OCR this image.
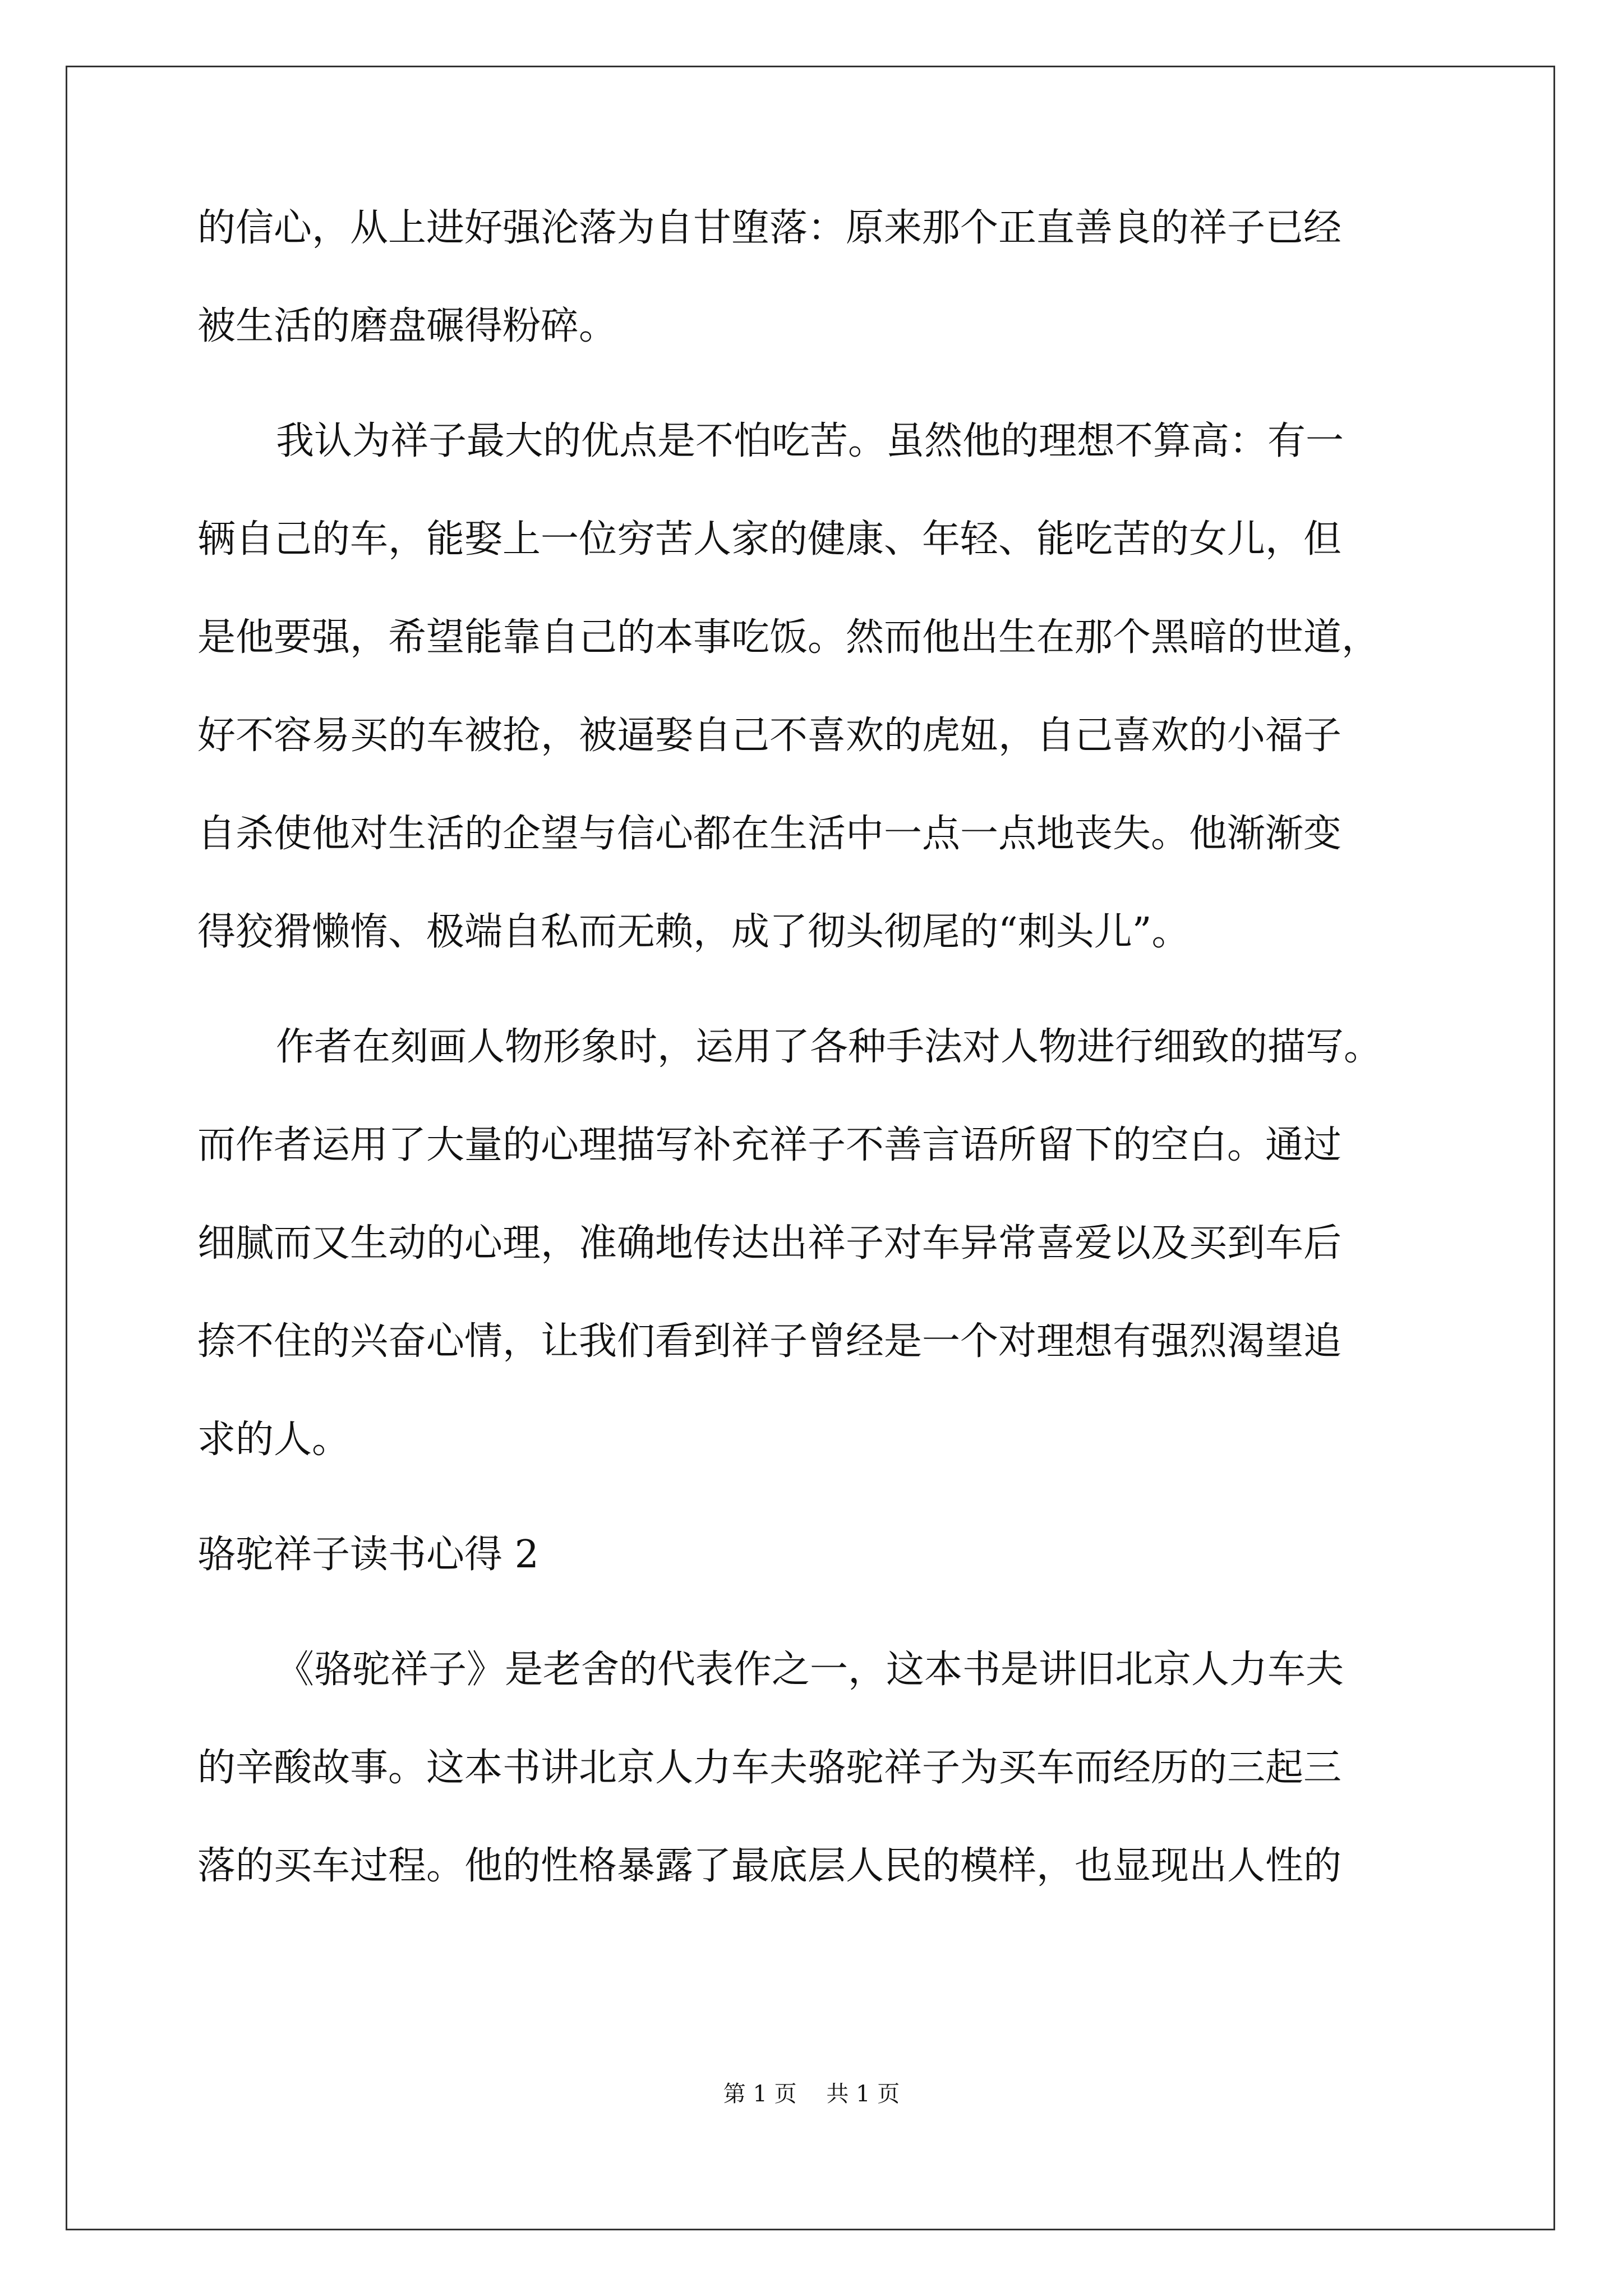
的信心，从上进好强沦落为自甘堕落：原来那个正直善良的祥子已经
被生活的磨盘碾得粉碎。
我认为祥子最大的优点是不怕吃苦。虽然他的理想不算高：有一
辆自己的车，能娶上一位穷苦人家的健康、年轻、能吃苦的女儿，但
是他要强，希望能靠自己的本事吃饭。然而他出生在那个黑暗的世道，
好不容易买的车被抢，被逼娶自己不喜欢的虎妞，自己喜欢的小福子
自杀使他对生活的企望与信心都在生活中一点一点地丧失。他渐渐变
得狡猾懒惰、极端自私而无赖，成了彻头彻尾的“刺头儿”。
作者在刻画人物形象时，运用了各种手法对人物进行细致的描写。
而作者运用了大量的心理描写补充祥子不善言语所留下的空白。通过
细腻而又生动的心理，准确地传达出祥子对车异常喜爱以及买到车后
捺不住的兴奋心情，让我们看到祥子曾经是一个对理想有强烈渴望追
求的人。
骆驼祥子读书心得 2
《骆驼祥子》是老舍的代表作之一，这本书是讲旧北京人力车夫
的辛酸故事。这本书讲北京人力车夫骆驼祥子为买车而经历的三起三
落的买车过程。他的性格暴露了最底层人民的模样，也显现出人性的
第 1 页 共 1 页
